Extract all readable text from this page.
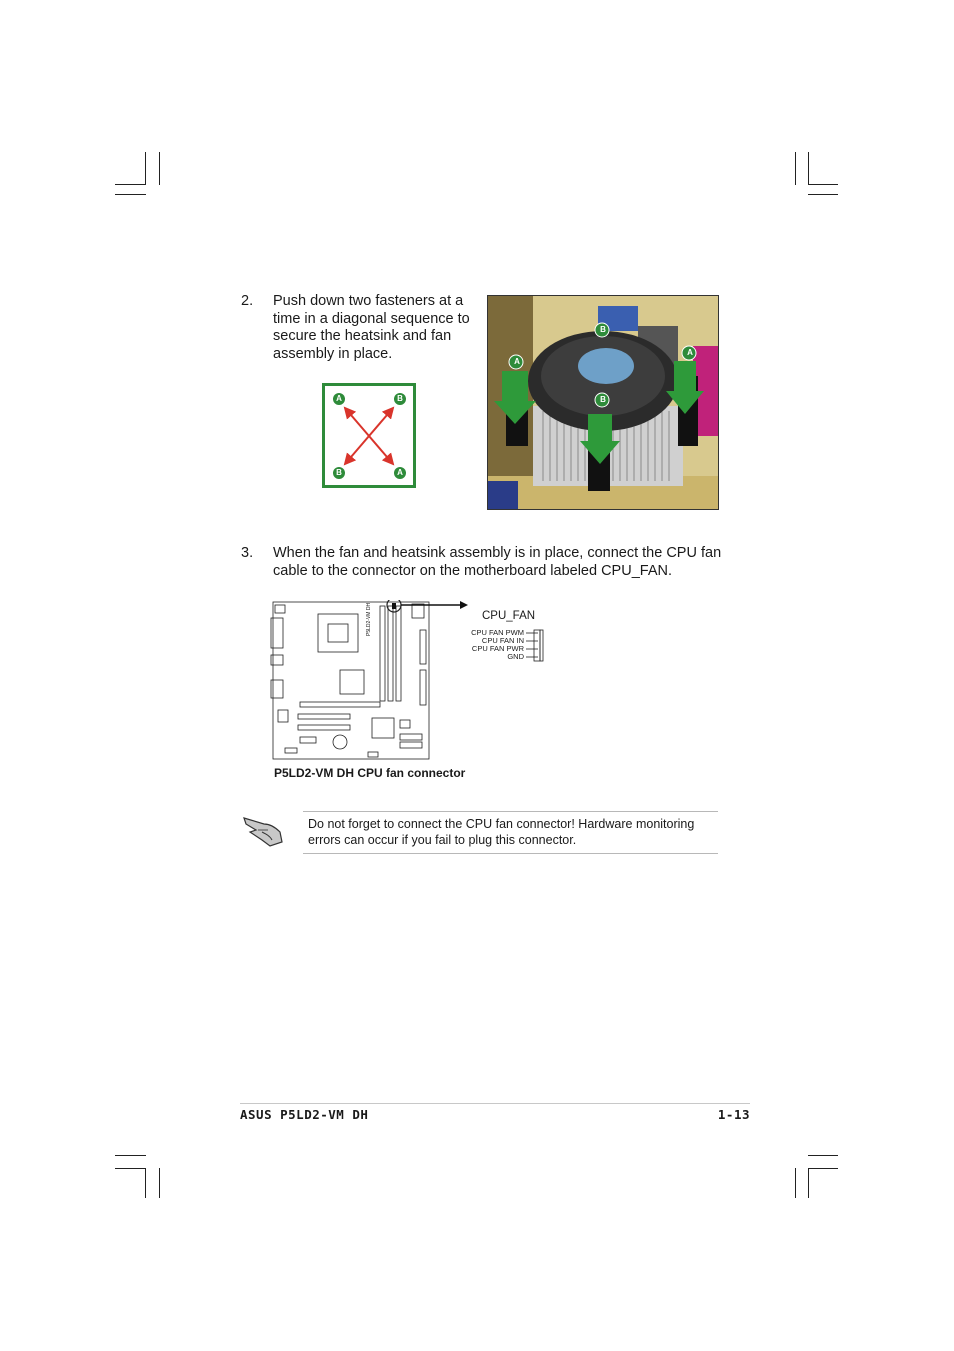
2. Push down two fasteners at a
time in a diagonal sequence to
secure the heatsink and fan
assembly in place.
A	B
B	A
B
A
A
B
3. When the fan and heatsink assembly is in place, connect the CPU fan
cable to the connector on the motherboard labeled CPU_FAN.
P5LD2-VM DH	CPU_FAN
CPU FAN PWM
CPU FAN IN
CPU FAN PWR
GND
P5LD2-VM DH CPU fan connector
Do not forget to connect the CPU fan connector! Hardware monitoring
errors can occur if you fail to plug this connector.
ASUS P5LD2-VM DH	1-13
